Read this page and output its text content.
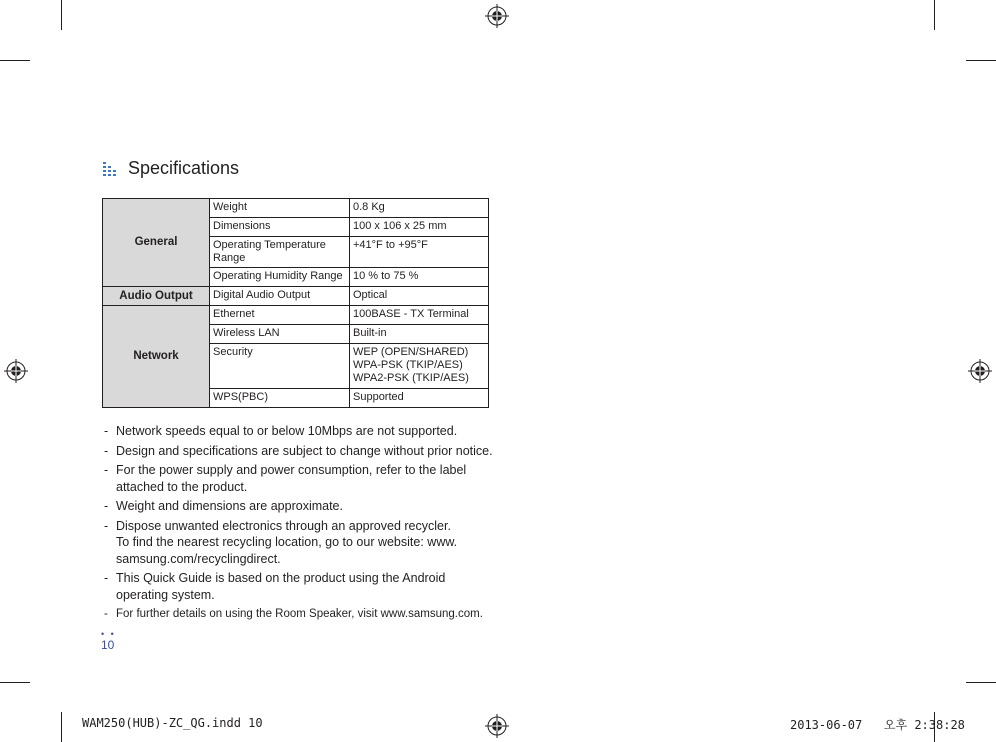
Specifications
General	Weight	0.8 Kg
	Dimensions	100 x 106 x 25 mm
	Operating Temperature Range	+41°F to +95°F
	Operating Humidity Range	10 % to 75 %
Audio Output	Digital Audio Output	Optical
Network	Ethernet	100BASE - TX Terminal
	Wireless LAN	Built-in
	Security	WEP (OPEN/SHARED)
WPA-PSK (TKIP/AES)
WPA2-PSK (TKIP/AES)

	WPS(PBC)	Supported
- Network speeds equal to or below 10Mbps are not supported.
- Design and specifications are subject to change without prior notice.
- For the power supply and power consumption, refer to the label
attached to the product.
- Weight and dimensions are approximate.
- Dispose unwanted electronics through an approved recycler.
To find the nearest recycling location, go to our website: www.
samsung.com/recyclingdirect.
- This Quick Guide is based on the product using the Android
operating system.
- For further details on using the Room Speaker, visit www.samsung.com.
• •
10
WAM250(HUB)-ZC_QG.indd 10	2013-06-07   오후 2:38:28
